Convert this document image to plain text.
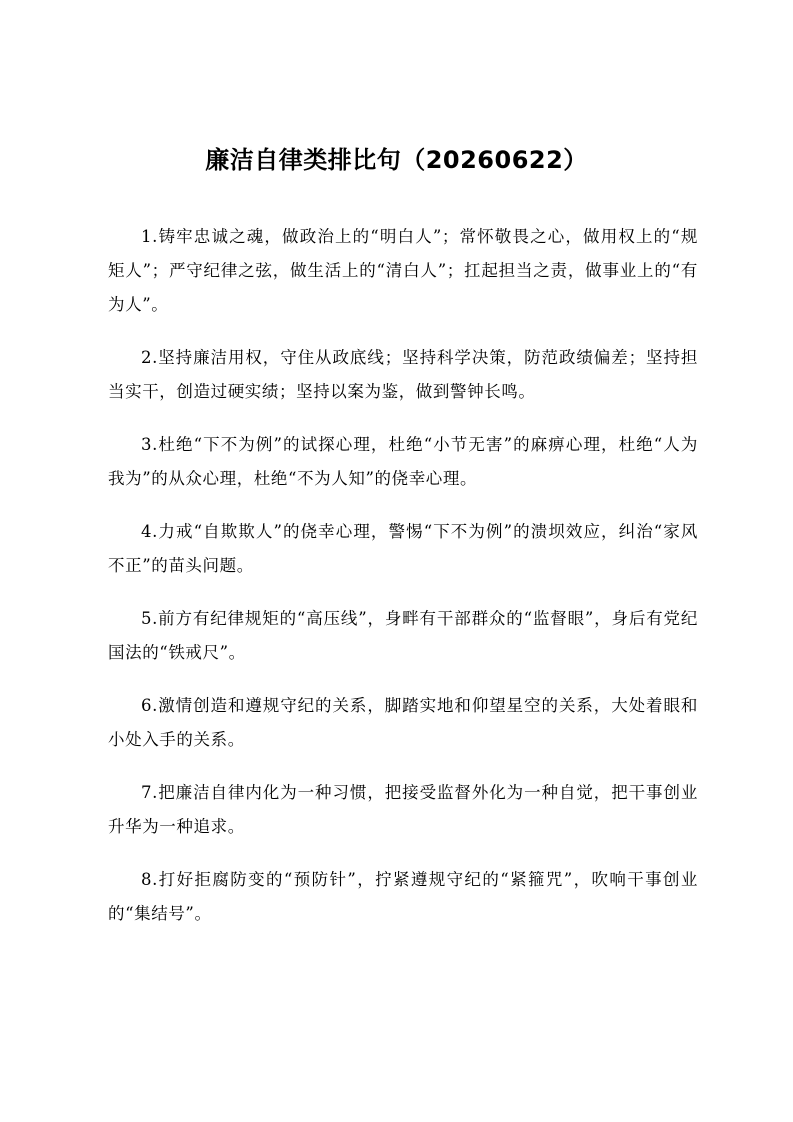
廉洁自律类排比句（20260622）

1.铸牢忠诚之魂，做政治上的“明白人”；常怀敬畏之心，做用权上的“规矩人”；严守纪律之弦，做生活上的“清白人”；扛起担当之责，做事业上的“有为人”。

2.坚持廉洁用权，守住从政底线；坚持科学决策，防范政绩偏差；坚持担当实干，创造过硬实绩；坚持以案为鉴，做到警钟长鸣。

3.杜绝“下不为例”的试探心理，杜绝“小节无害”的麻痹心理，杜绝“人为我为”的从众心理，杜绝“不为人知”的侥幸心理。

4.力戒“自欺欺人”的侥幸心理，警惕“下不为例”的溃坝效应，纠治“家风不正”的苗头问题。

5.前方有纪律规矩的“高压线”，身畔有干部群众的“监督眼”，身后有党纪国法的“铁戒尺”。

6.激情创造和遵规守纪的关系，脚踏实地和仰望星空的关系，大处着眼和小处入手的关系。

7.把廉洁自律内化为一种习惯，把接受监督外化为一种自觉，把干事创业升华为一种追求。

8.打好拒腐防变的“预防针”，拧紧遵规守纪的“紧箍咒”，吹响干事创业的“集结号”。
